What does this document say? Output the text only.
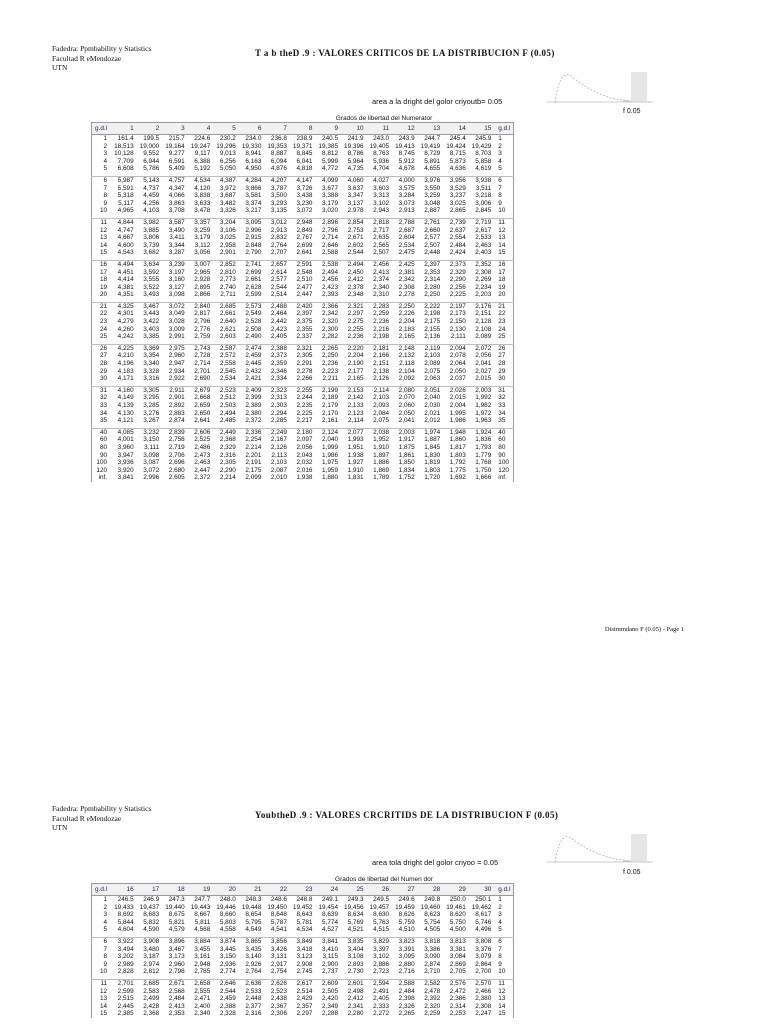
Fadedra: Ppmbability y Statistics
Facultad R eMendozae
UTN
T a b theD .9 : VALORES CRITICOS DE LA DISTRIBUCION F (0.05)
area a la dright del golor criyoutb= 0.05
f 0.05
Grados de libertad del Numerator
g.d.l	1	2	3	4	5	6	7	8	9	10	11	12	13	14	15	g.d.l
1	161.4	199.5	215.7	224.6	230.2	234.0	236.8	238.9	240.5	241.9	243.0	243.9	244.7	245.4	245.9	1
2	18,513	19,000	19,164	19,247	19,296	19,330	19,353	19,371	19,385	19,396	19,405	19,413	19,419	19,424	19,429	2
3	10,128	9,552	9,277	9,117	9,013	8,941	8,887	8,845	8,812	8,786	8,763	8,745	8,729	8,715	8,703	3
4	7,709	6,944	6,591	6,388	6,256	6,163	6,094	6,041	5,999	5,964	5,936	5,912	5,891	5,873	5,858	4
5	6,608	5,786	5,409	5,192	5,050	4,950	4,876	4,818	4,772	4,735	4,704	4,678	4,655	4,636	4,619	5

6	5,987	5,143	4,757	4,534	4,387	4,284	4,207	4,147	4,099	4,060	4,027	4,000	3,976	3,956	3,938	6
7	5,591	4,737	4,347	4,120	3,972	3,866	3,787	3,726	3,677	3,637	3,603	3,575	3,550	3,529	3,511	7
8	5,318	4,459	4,066	3,838	3,687	3,581	3,500	3,438	3,388	3,347	3,313	3,284	3,259	3,237	3,218	8
9	5,117	4,256	3,863	3,633	3,482	3,374	3,293	3,230	3,179	3,137	3,102	3,073	3,048	3,025	3,006	9
10	4,965	4,103	3,708	3,478	3,326	3,217	3,135	3,072	3,020	2,978	2,943	2,913	2,887	2,865	2,845	10

11	4,844	3,982	3,587	3,357	3,204	3,095	3,012	2,948	2,896	2,854	2,818	2,788	2,761	2,739	2,719	11
12	4,747	3,885	3,490	3,259	3,106	2,996	2,913	2,849	2,796	2,753	2,717	2,687	2,660	2,637	2,617	12
13	4,667	3,806	3,411	3,179	3,025	2,915	2,832	2,767	2,714	2,671	2,635	2,604	2,577	2,554	2,533	13
14	4,600	3,739	3,344	3,112	2,958	2,848	2,764	2,699	2,646	2,602	2,565	2,534	2,507	2,484	2,463	14
15	4,543	3,682	3,287	3,056	2,901	2,790	2,707	2,641	2,588	2,544	2,507	2,475	2,448	2,424	2,403	15

16	4,494	3,634	3,239	3,007	2,852	2,741	2,657	2,591	2,538	2,494	2,456	2,425	2,397	2,373	2,352	16
17	4,451	3,592	3,197	2,965	2,810	2,699	2,614	2,548	2,494	2,450	2,413	2,381	2,353	2,329	2,308	17
18	4,414	3,555	3,160	2,928	2,773	2,661	2,577	2,510	2,456	2,412	2,374	2,342	2,314	2,290	2,269	18
19	4,381	3,522	3,127	2,895	2,740	2,628	2,544	2,477	2,423	2,378	2,340	2,308	2,280	2,256	2,234	19
20	4,351	3,493	3,098	2,866	2,711	2,599	2,514	2,447	2,393	2,348	2,310	2,278	2,250	2,225	2,203	20

21	4,325	3,467	3,072	2,840	2,685	2,573	2,488	2,420	2,366	2,321	2,283	2,250	2,222	2,197	2,176	21
22	4,301	3,443	3,049	2,817	2,661	2,549	2,464	2,397	2,342	2,297	2,259	2,226	2,198	2,173	2,151	22
23	4,279	3,422	3,028	2,796	2,640	2,528	2,442	2,375	2,320	2,275	2,236	2,204	2,175	2,150	2,128	23
24	4,260	3,403	3,009	2,776	2,621	2,508	2,423	2,355	2,300	2,255	2,216	2,183	2,155	2,130	2,108	24
25	4,242	3,385	2,991	2,759	2,603	2,490	2,405	2,337	2,282	2,236	2,198	2,165	2,136	2,111	2,089	25

26	4,225	3,369	2,975	2,743	2,587	2,474	2,388	2,321	2,265	2,220	2,181	2,148	2,119	2,094	2,072	26
27	4,210	3,354	2,960	2,728	2,572	2,459	2,373	2,305	2,250	2,204	2,166	2,132	2,103	2,078	2,056	27
28	4,196	3,340	2,947	2,714	2,558	2,445	2,359	2,291	2,236	2,190	2,151	2,118	2,089	2,064	2,041	28
29	4,183	3,328	2,934	2,701	2,545	2,432	2,346	2,278	2,223	2,177	2,138	2,104	2,075	2,050	2,027	29
30	4,171	3,316	2,922	2,690	2,534	2,421	2,334	2,266	2,211	2,165	2,126	2,092	2,063	2,037	2,015	30

31	4,160	3,305	2,911	2,679	2,523	2,409	2,323	2,255	2,199	2,153	2,114	2,080	2,051	2,026	2,003	31
32	4,149	3,295	2,901	2,668	2,512	2,399	2,313	2,244	2,189	2,142	2,103	2,070	2,040	2,015	1,992	32
33	4,139	3,285	2,892	2,659	2,503	2,389	2,303	2,235	2,179	2,133	2,093	2,060	2,030	2,004	1,982	33
34	4,130	3,276	2,883	2,650	2,494	2,380	2,294	2,225	2,170	2,123	2,084	2,050	2,021	1,995	1,972	34
35	4,121	3,267	2,874	2,641	2,485	2,372	2,285	2,217	2,161	2,114	2,075	2,041	2,012	1,986	1,963	35

40	4,085	3,232	2,839	2,606	2,449	2,336	2,249	2,180	2,124	2,077	2,038	2,003	1,974	1,948	1,924	40
60	4,001	3,150	2,758	2,525	2,368	2,254	2,167	2,097	2,040	1,993	1,952	1,917	1,887	1,860	1,836	60
80	3,960	3,111	2,719	2,486	2,329	2,214	2,126	2,056	1,999	1,951	1,910	1,875	1,845	1,817	1,793	80
90	3,947	3,098	2,706	2,473	2,316	2,201	2,113	2,043	1,986	1,938	1,897	1,861	1,830	1,803	1,779	90
100	3,936	3,087	2,696	2,463	2,305	2,191	2,103	2,032	1,975	1,927	1,886	1,850	1,819	1,792	1,768	100
120	3,920	3,072	2,680	2,447	2,290	2,175	2,087	2,016	1,959	1,910	1,869	1,834	1,803	1,775	1,750	120
inf.	3,841	2,996	2,605	2,372	2,214	2,099	2,010	1,938	1,880	1,831	1,789	1,752	1,720	1,692	1,666	inf.
Distmmdano F (0.05) - Page 1
Fadedra: Ppmbability y Statistics
Facultad R eMendozae
UTN
YoubtheD .9 : VALORES CRCRITIDS DE LA DISTRIBUCION F (0.05)
area tola dright del golor criyoo = 0.05
f 0.05
Grados de libertad del Numen dor
g.d.l	16	17	18	19	20	21	22	23	24	25	26	27	28	29	30	g.d.l
1	246.5	246.9	247.3	247.7	248.0	248.3	248.6	248.8	249.1	249.3	249.5	249.6	249.8	250.0	250.1	1
2	19,433	19,437	19,440	19,443	19,446	19,448	19,450	19,452	19,454	19,456	19,457	19,459	19,460	19,461	19,462	2
3	8,692	8,683	8,675	8,667	8,660	8,654	8,648	8,643	8,639	8,634	8,630	8,626	8,623	8,620	8,617	3
4	5,844	5,832	5,821	5,811	5,803	5,795	5,787	5,781	5,774	5,769	5,763	5,759	5,754	5,750	5,746	4
5	4,604	4,590	4,579	4,568	4,558	4,549	4,541	4,534	4,527	4,521	4,515	4,510	4,505	4,500	4,496	5

6	3,922	3,908	3,896	3,884	3,874	3,865	3,856	3,849	3,841	3,835	3,829	3,823	3,818	3,813	3,808	6
7	3,494	3,480	3,467	3,455	3,445	3,435	3,426	3,418	3,410	3,404	3,397	3,391	3,386	3,381	3,376	7
8	3,202	3,187	3,173	3,161	3,150	3,140	3,131	3,123	3,115	3,108	3,102	3,095	3,090	3,084	3,079	8
9	2,989	2,974	2,960	2,948	2,936	2,926	2,917	2,908	2,900	2,893	2,886	2,880	2,874	2,869	2,864	9
10	2,828	2,812	2,798	2,785	2,774	2,764	2,754	2,745	2,737	2,730	2,723	2,716	2,710	2,705	2,700	10

11	2,701	2,685	2,671	2,658	2,646	2,636	2,626	2,617	2,609	2,601	2,594	2,588	2,582	2,576	2,570	11
12	2,599	2,583	2,568	2,555	2,544	2,533	2,523	2,514	2,505	2,498	2,491	2,484	2,478	2,472	2,466	12
13	2,515	2,499	2,484	2,471	2,459	2,448	2,438	2,429	2,420	2,412	2,405	2,398	2,392	2,386	2,380	13
14	2,445	2,428	2,413	2,400	2,388	2,377	2,367	2,357	2,349	2,341	2,333	2,326	2,320	2,314	2,308	14
15	2,385	2,368	2,353	2,340	2,328	2,316	2,306	2,297	2,288	2,280	2,272	2,265	2,259	2,253	2,247	15
